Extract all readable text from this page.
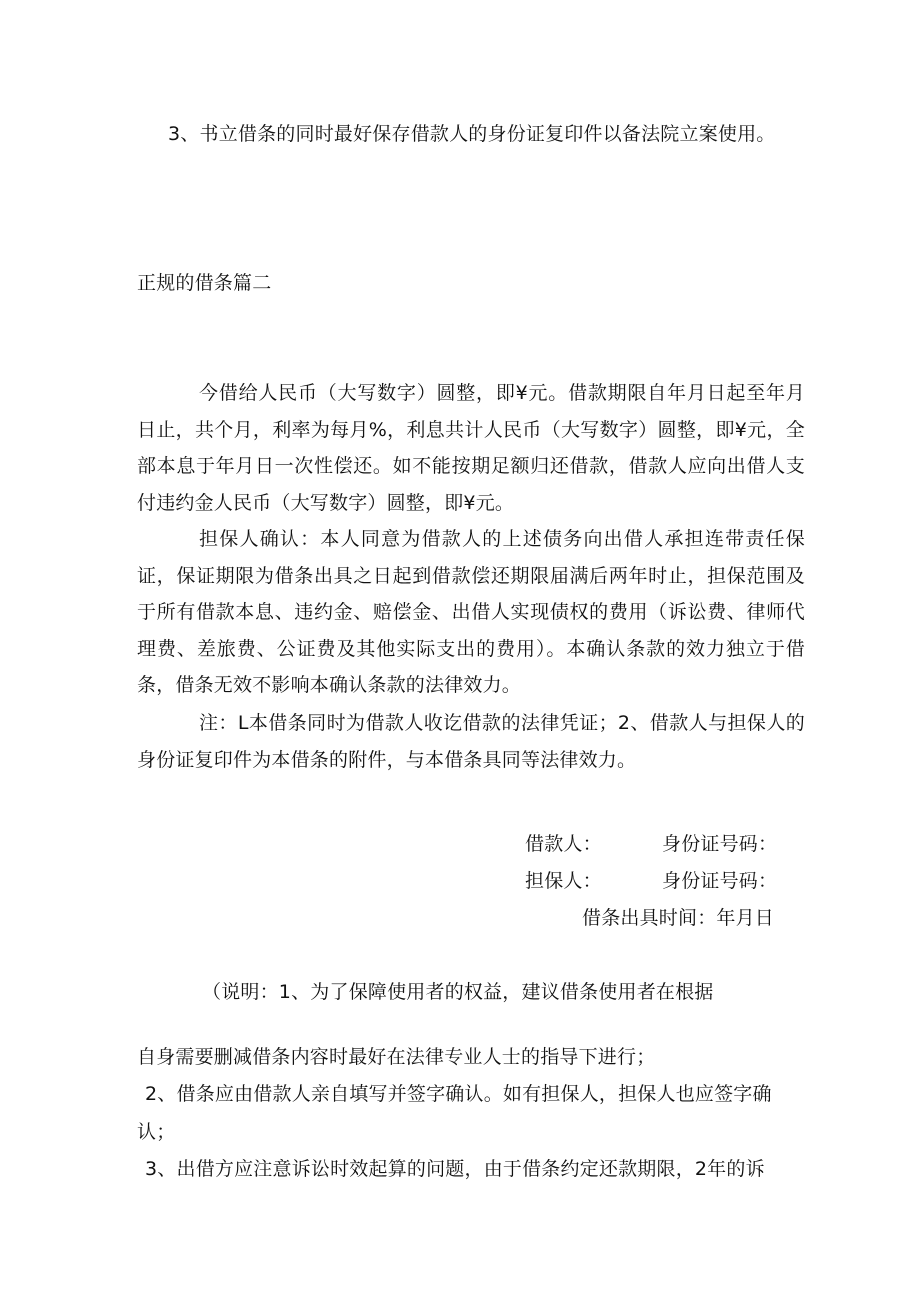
3、书立借条的同时最好保存借款人的身份证复印件以备法院立案使用。
正规的借条篇二
今借给人民币（大写数字）圆整，即¥元。借款期限自年月日起至年月日止，共个月，利率为每月%，利息共计人民币（大写数字）圆整，即¥元，全部本息于年月日一次性偿还。如不能按期足额归还借款，借款人应向出借人支付违约金人民币（大写数字）圆整，即¥元。
担保人确认：本人同意为借款人的上述债务向出借人承担连带责任保证，保证期限为借条出具之日起到借款偿还期限届满后两年时止，担保范围及于所有借款本息、违约金、赔偿金、出借人实现债权的费用（诉讼费、律师代理费、差旅费、公证费及其他实际支出的费用）。本确认条款的效力独立于借条，借条无效不影响本确认条款的法律效力。
注：L本借条同时为借款人收讫借款的法律凭证；2、借款人与担保人的身份证复印件为本借条的附件，与本借条具同等法律效力。
借款人：	身份证号码：
担保人：	身份证号码：
借条出具时间：年月日
（说明：1、为了保障使用者的权益，建议借条使用者在根据
自身需要删减借条内容时最好在法律专业人士的指导下进行；
2、借条应由借款人亲自填写并签字确认。如有担保人，担保人也应签字确
认；
3、出借方应注意诉讼时效起算的问题，由于借条约定还款期限，2年的诉
